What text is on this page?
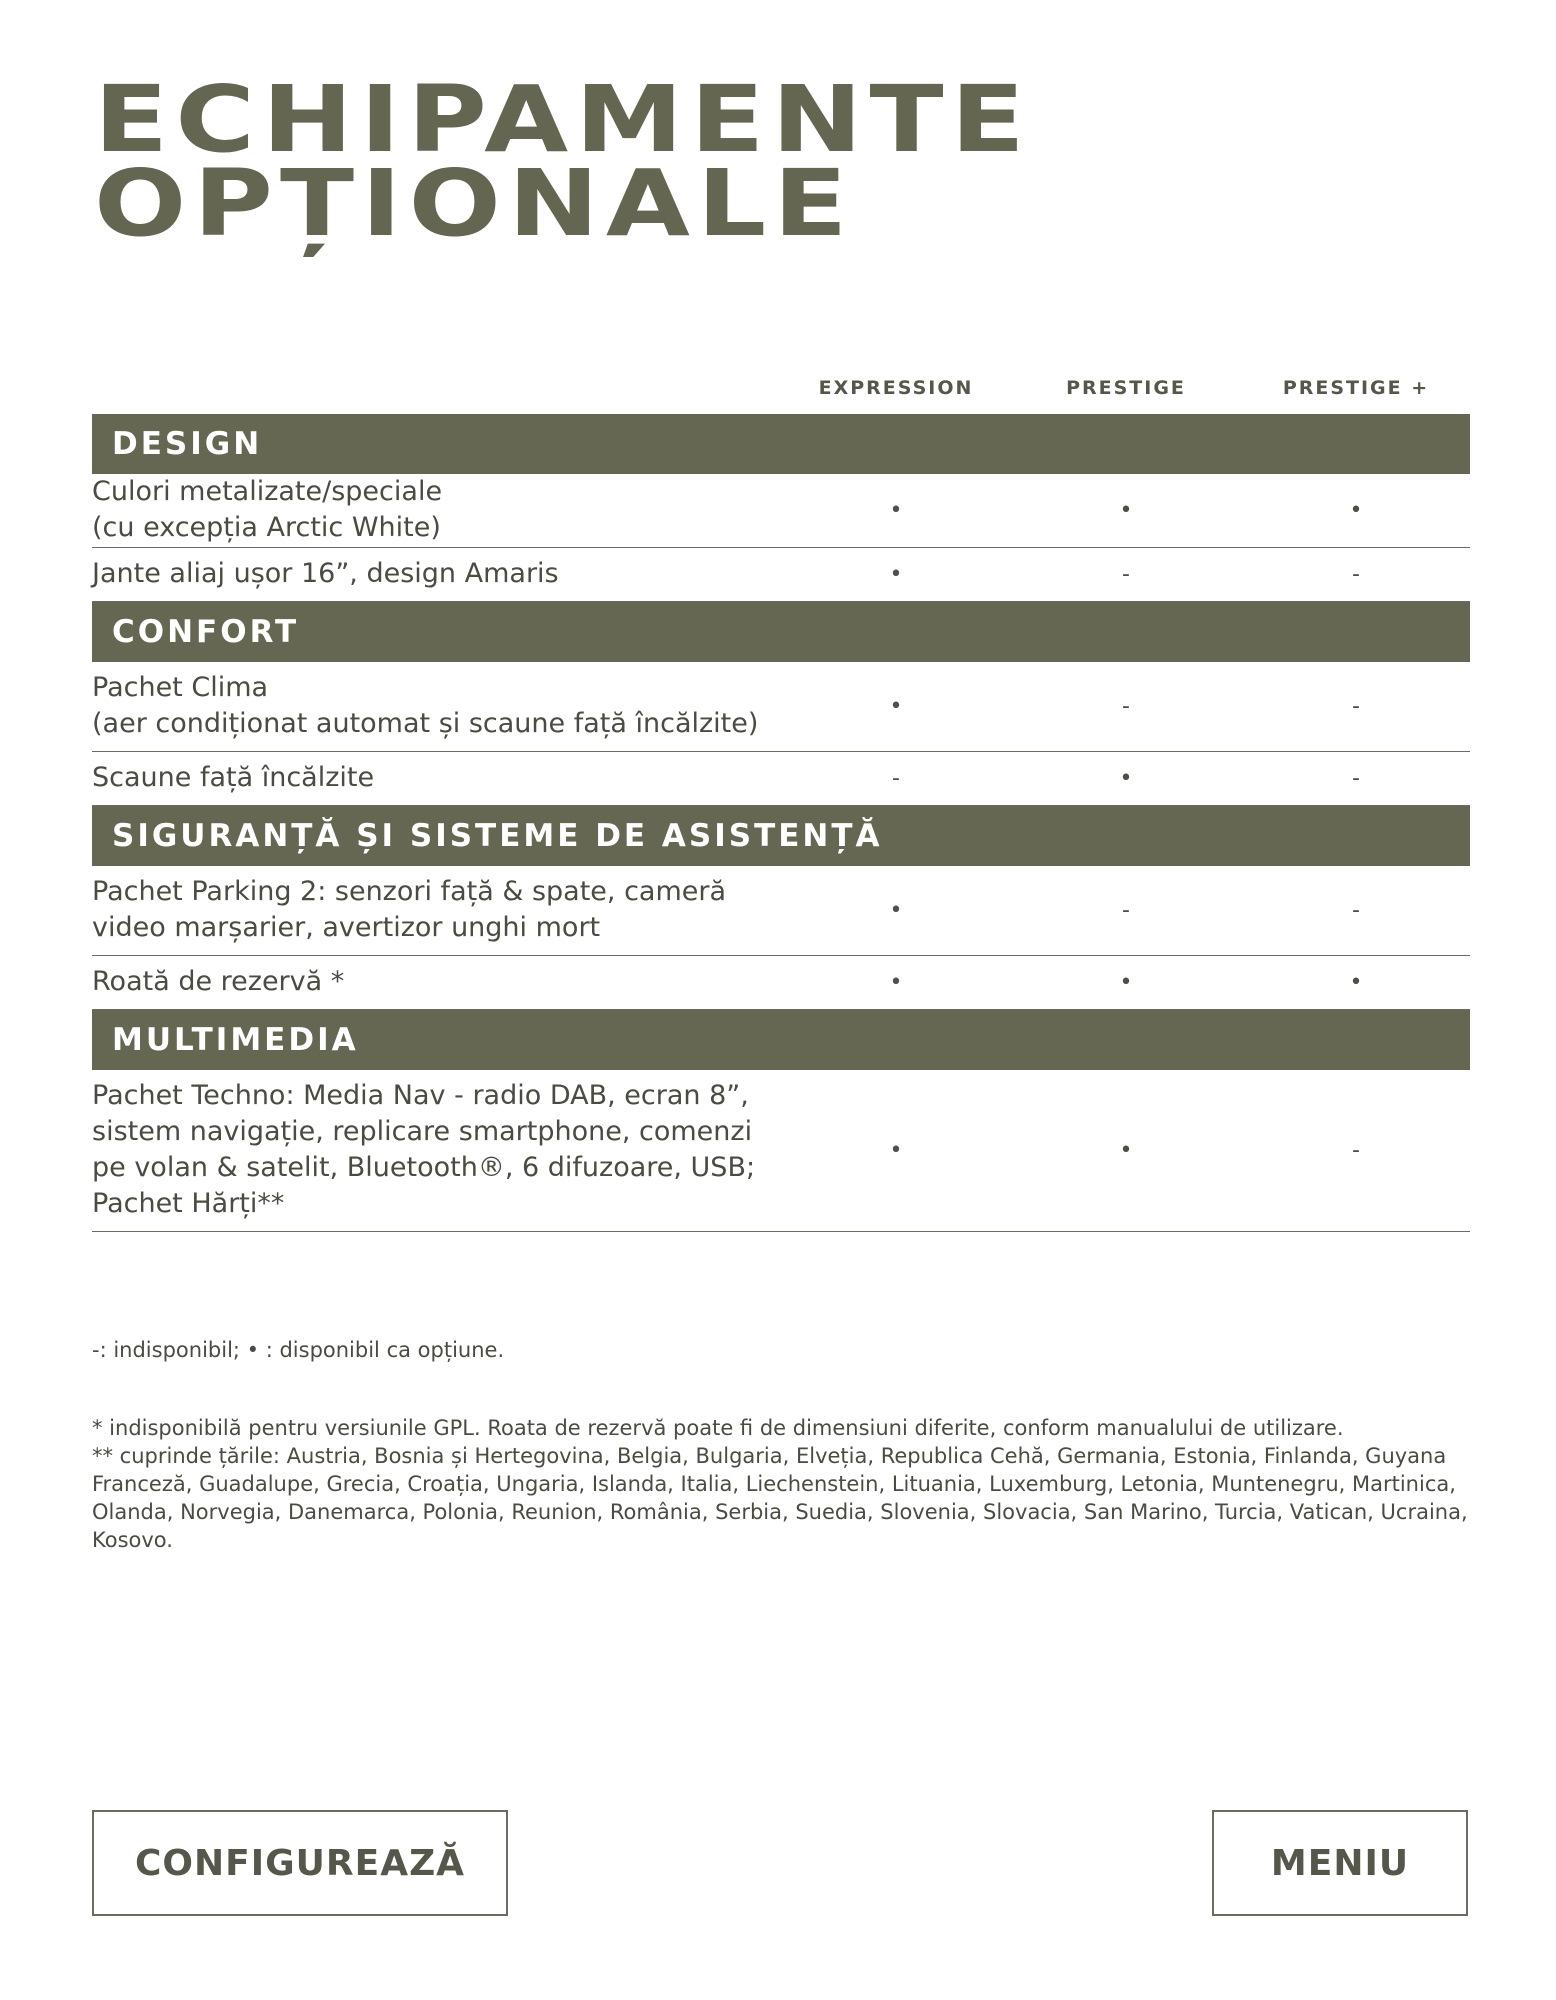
ECHIPAMENTE
OPȚIONALE
EXPRESSION	PRESTIGE	PRESTIGE +
DESIGN
Culori metalizate/speciale
(cu excepția Arctic White)
•	•	•
Jante aliaj ușor 16”, design Amaris	•	-	-
CONFORT
Pachet Clima
(aer condiționat automat și scaune față încălzite)
•	-	-
Scaune față încălzite	-	•	-
SIGURANȚĂ ȘI SISTEME DE ASISTENȚĂ
Pachet Parking 2: senzori față & spate, cameră
video marșarier, avertizor unghi mort
•	-	-
Roată de rezervă *	•	•	•
MULTIMEDIA
Pachet Techno: Media Nav - radio DAB, ecran 8”,
sistem navigație, replicare smartphone, comenzi
pe volan & satelit, Bluetooth®, 6 difuzoare, USB;
Pachet Hărți**
•	•	-
-: indisponibil; • : disponibil ca opțiune.

* indisponibilă pentru versiunile GPL. Roata de rezervă poate fi de dimensiuni diferite, conform manualului de utilizare.

** cuprinde țările: Austria, Bosnia și Hertegovina, Belgia, Bulgaria, Elveția, Republica Cehă, Germania, Estonia, Finlanda, Guyana Franceză, Guadalupe, Grecia, Croația, Ungaria, Islanda, Italia, Liechenstein, Lituania, Luxemburg, Letonia, Muntenegru, Martinica, Olanda, Norvegia, Danemarca, Polonia, Reunion, România, Serbia, Suedia, Slovenia, Slovacia, San Marino, Turcia, Vatican, Ucraina, Kosovo.

CONFIGUREAZĂ	MENIU
